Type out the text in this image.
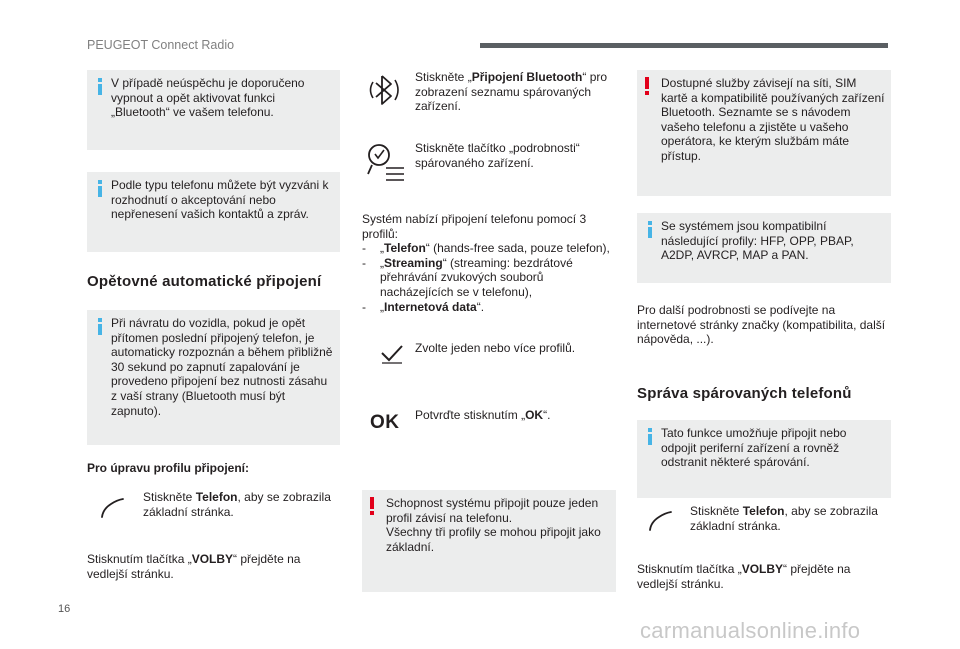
PEUGEOT Connect Radio
V případě neúspěchu je doporučeno vypnout a opět aktivovat funkci „Bluetooth“ ve vašem telefonu.
Podle typu telefonu můžete být vyzváni k rozhodnutí o akceptování nebo nepřenesení vašich kontaktů a zpráv.
Opětovné automatické připojení
Při návratu do vozidla, pokud je opět přítomen poslední připojený telefon, je automaticky rozpoznán a během přibližně 30 sekund po zapnutí zapalování je provedeno připojení bez nutnosti zásahu z vaší strany (Bluetooth musí být zapnuto).
Pro úpravu profilu připojení:
Stiskněte Telefon, aby se zobrazila základní stránka.
Stisknutím tlačítka „VOLBY“ přejděte na vedlejší stránku.
Stiskněte „Připojení Bluetooth“ pro zobrazení seznamu spárovaných zařízení.
Stiskněte tlačítko „podrobnosti“ spárovaného zařízení.
Systém nabízí připojení telefonu pomocí 3 profilů:
- „Telefon“ (hands-free sada, pouze telefon),
- „Streaming“ (streaming: bezdrátové přehrávání zvukových souborů nacházejících se v telefonu),
- „Internetová data“.
Zvolte jeden nebo více profilů.
OK Potvrďte stisknutím „OK“.
Schopnost systému připojit pouze jeden profil závisí na telefonu.
Všechny tři profily se mohou připojit jako základní.
Dostupné služby závisejí na síti, SIM kartě a kompatibilitě používaných zařízení Bluetooth. Seznamte se s návodem vašeho telefonu a zjistěte u vašeho operátora, ke kterým službám máte přístup.
Se systémem jsou kompatibilní následující profily: HFP, OPP, PBAP, A2DP, AVRCP, MAP a PAN.
Pro další podrobnosti se podívejte na internetové stránky značky (kompatibilita, další nápověda, ...).
Správa spárovaných telefonů
Tato funkce umožňuje připojit nebo odpojit periferní zařízení a rovněž odstranit některé spárování.
Stiskněte Telefon, aby se zobrazila základní stránka.
Stisknutím tlačítka „VOLBY“ přejděte na vedlejší stránku.
16
carmanualsonline.info
